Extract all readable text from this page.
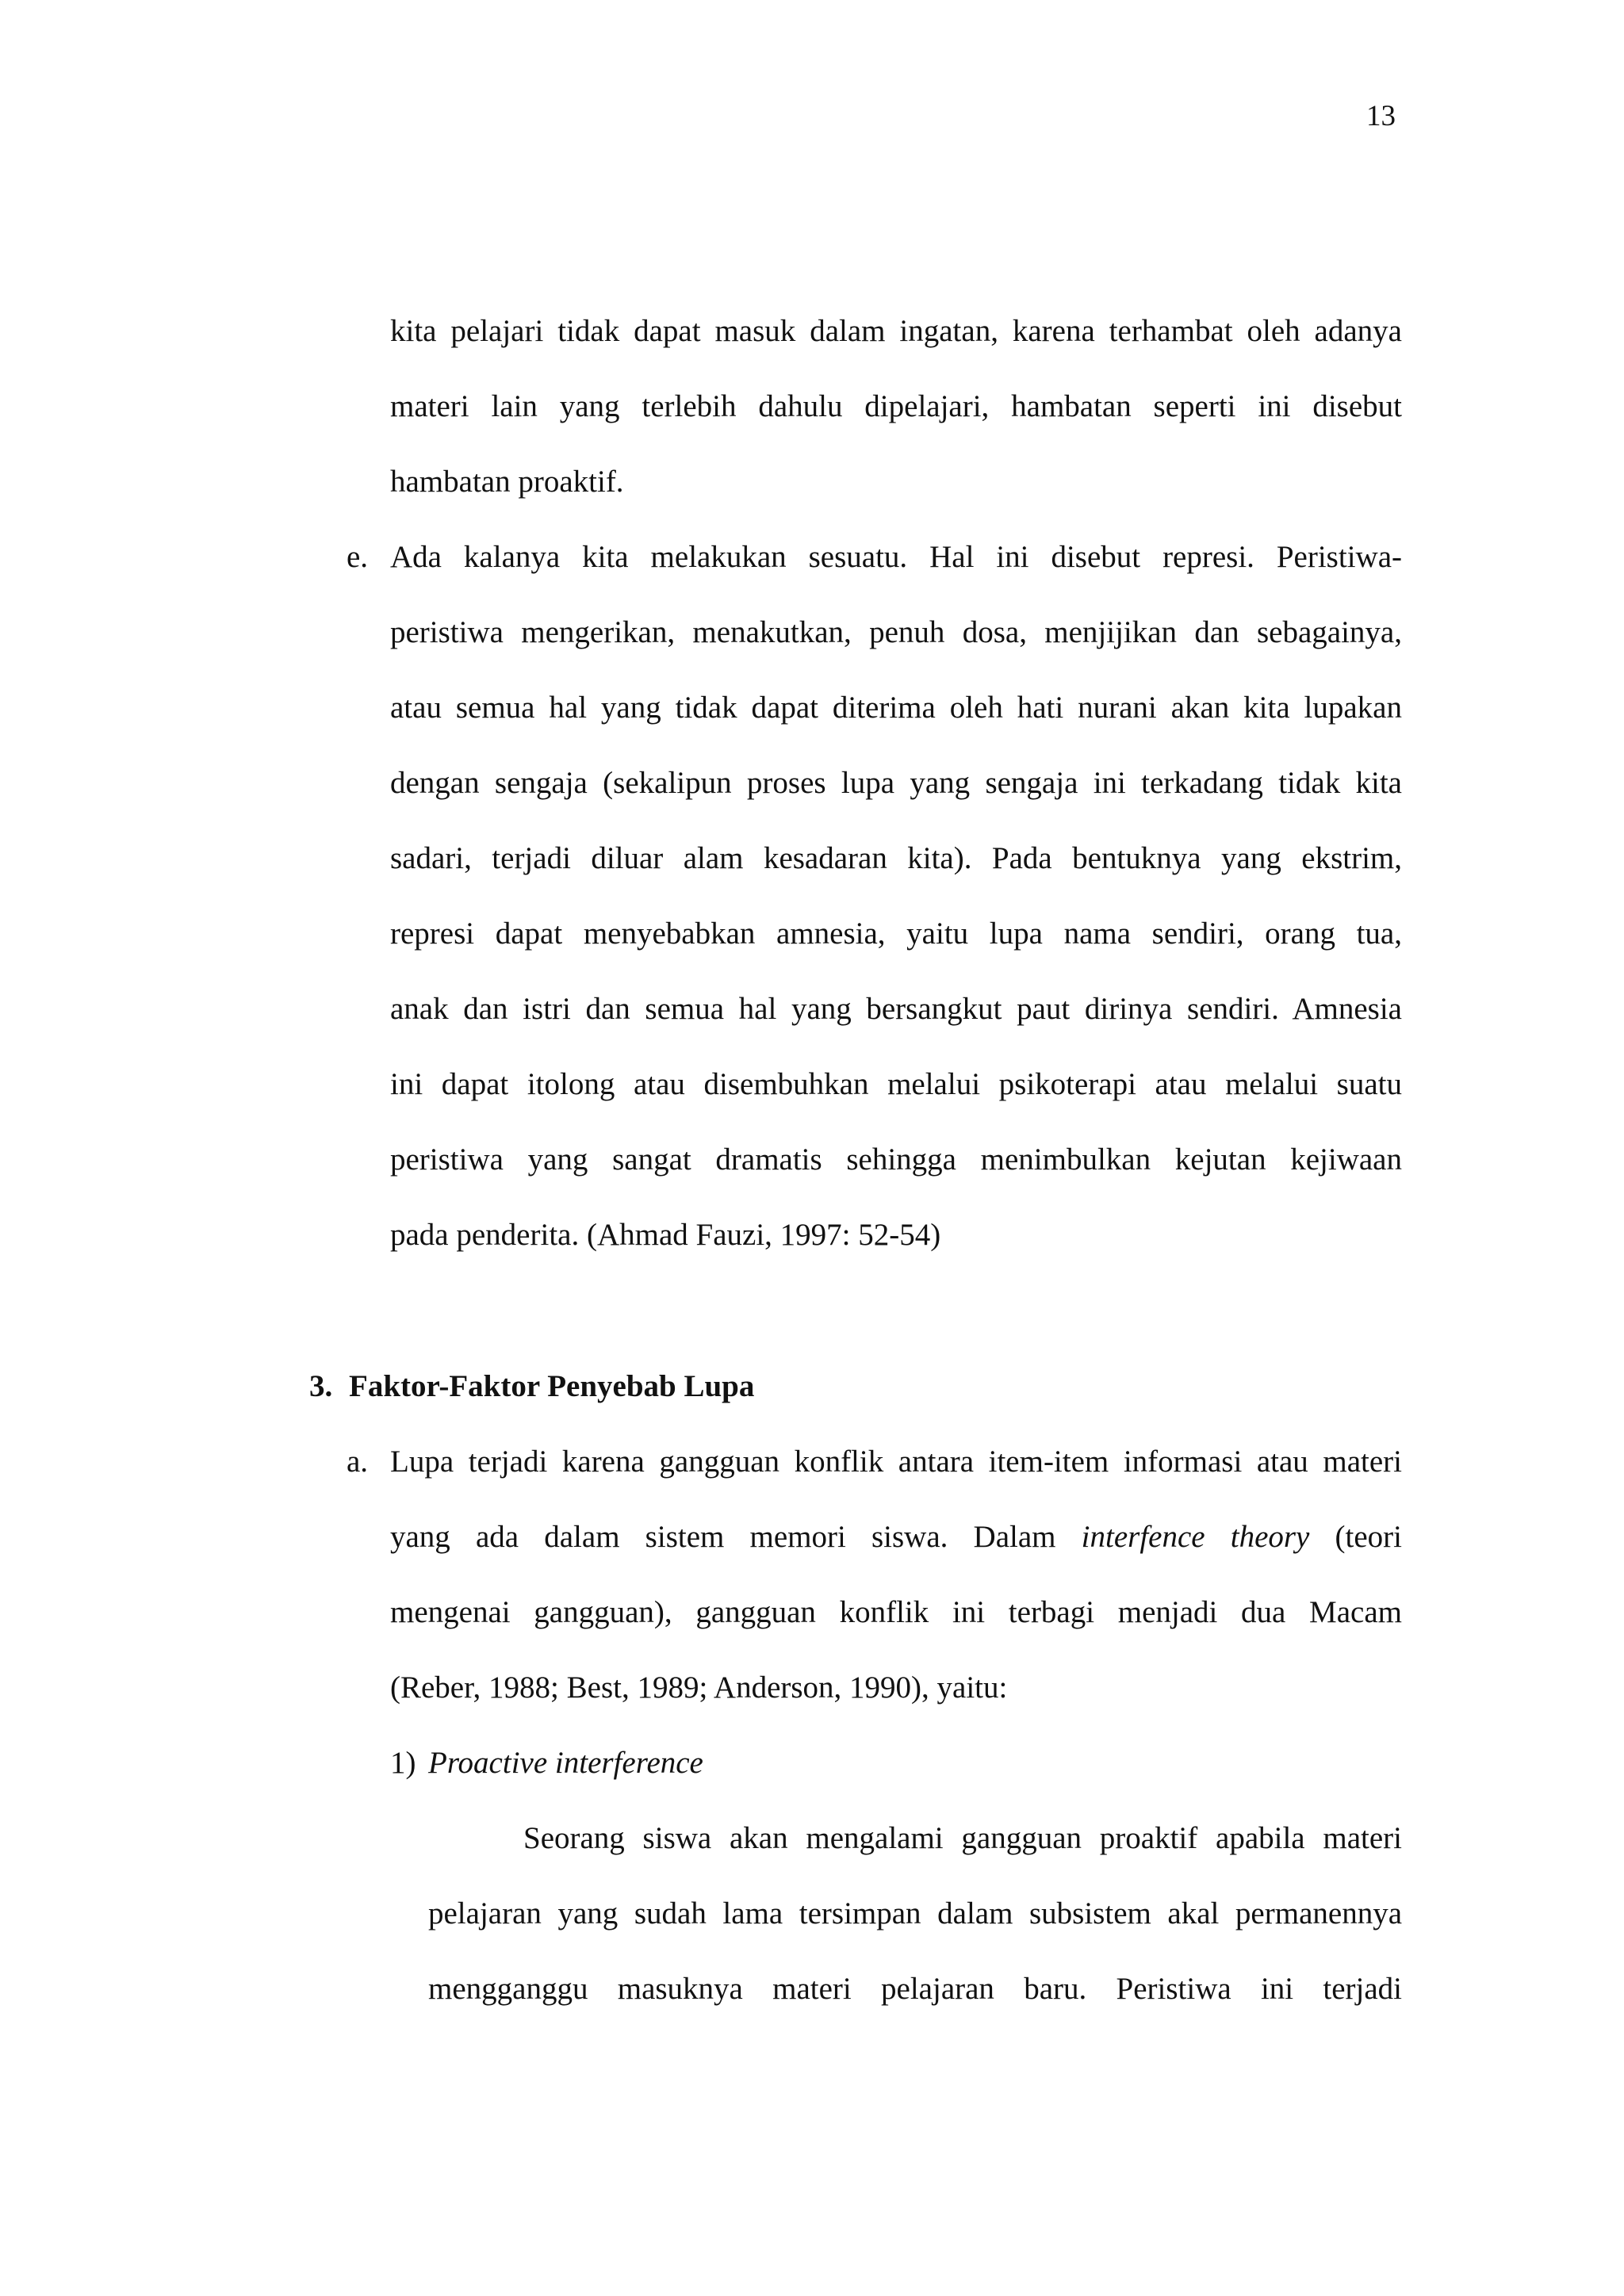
13
kita pelajari tidak dapat masuk dalam ingatan, karena terhambat oleh adanya
materi lain yang terlebih dahulu dipelajari, hambatan seperti ini disebut
hambatan proaktif.
e. Ada kalanya kita melakukan sesuatu. Hal ini disebut represi. Peristiwa-
peristiwa mengerikan, menakutkan, penuh dosa, menjijikan dan sebagainya,
atau semua hal yang tidak dapat diterima oleh hati nurani akan kita lupakan
dengan sengaja (sekalipun proses lupa yang sengaja ini terkadang tidak kita
sadari, terjadi diluar alam kesadaran kita). Pada bentuknya yang ekstrim,
represi dapat menyebabkan amnesia, yaitu lupa nama sendiri, orang tua,
anak dan istri dan semua hal yang bersangkut paut dirinya sendiri. Amnesia
ini dapat itolong atau disembuhkan melalui psikoterapi atau melalui suatu
peristiwa yang sangat dramatis sehingga menimbulkan kejutan kejiwaan
pada penderita. (Ahmad Fauzi, 1997: 52-54)
3. Faktor-Faktor Penyebab Lupa
a. Lupa terjadi karena gangguan konflik antara item-item informasi atau materi
yang ada dalam sistem memori siswa. Dalam interfence theory (teori
mengenai gangguan), gangguan konflik ini terbagi menjadi dua Macam
(Reber, 1988; Best, 1989; Anderson, 1990), yaitu:
1) Proactive interference
Seorang siswa akan mengalami gangguan proaktif apabila materi
pelajaran yang sudah lama tersimpan dalam subsistem akal permanennya
mengganggu masuknya materi pelajaran baru. Peristiwa ini terjadi
